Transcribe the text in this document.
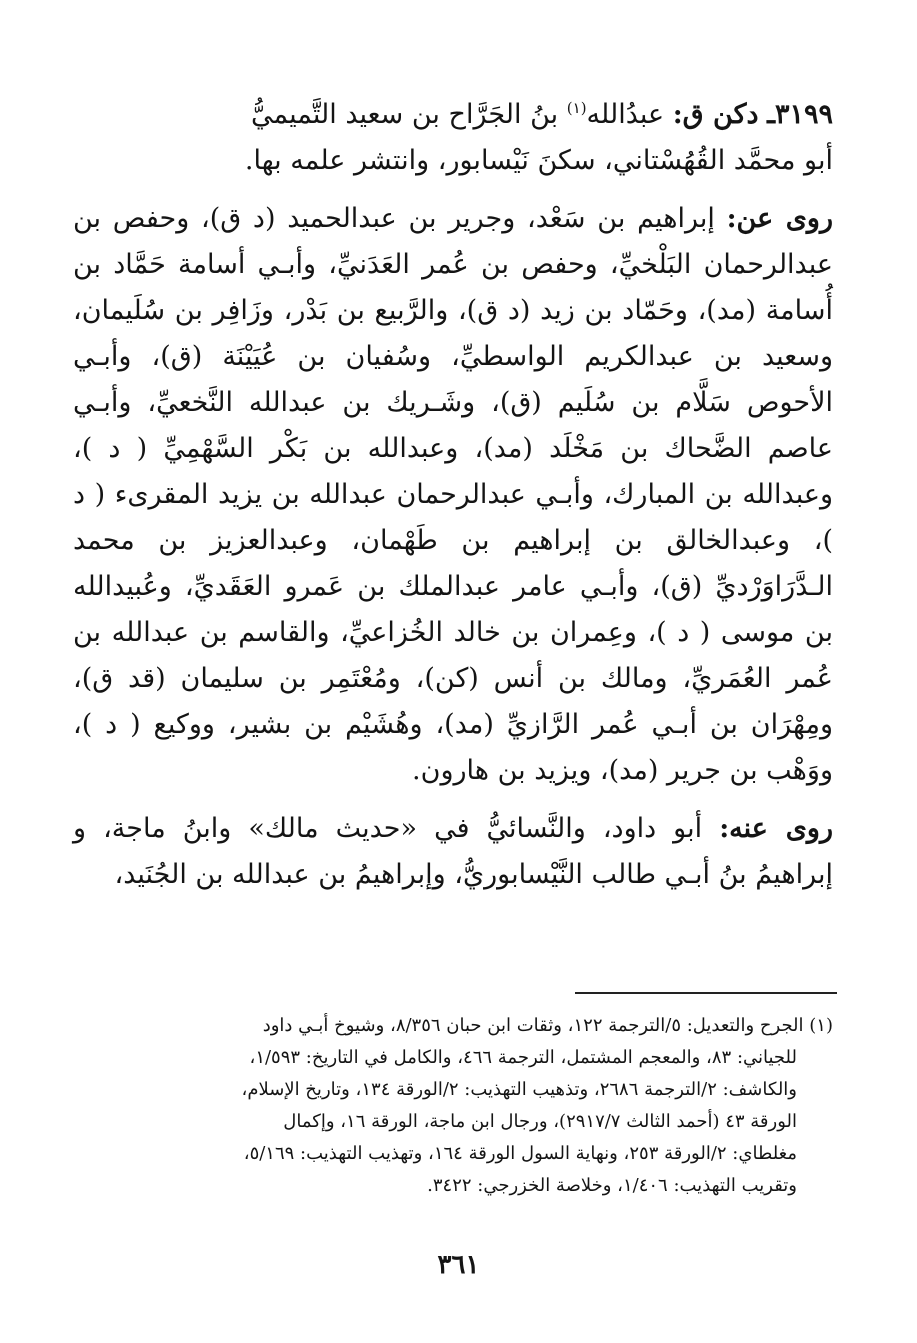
٣١٩٩ـ دكن ق: عبدُالله$^{(١)}$ بنُ الجَرَّاح بن سعيد التَّميميُّ
أبو محمَّد القُهُسْتاني، سكنَ نَيْسابور، وانتشر علمه بها.
روى عن: إبراهيم بن سَعْد، وجرير بن عبدالحميد (د ق)، وحفص بن عبدالرحمان البَلْخيِّ، وحفص بن عُمر العَدَنيِّ، وأبـي أسامة حَمَّاد بن أُسامة (مد)، وحَمّاد بن زيد (د ق)، والرَّبيع بن بَدْر، وزَافِر بن سُلَيمان، وسعيد بن عبدالكريم الواسطيِّ، وسُفيان بن عُيَيْنَة (ق)، وأبـي الأحوص سَلَّام بن سُلَيم (ق)، وشَـريك بن عبدالله النَّخعيِّ، وأبـي عاصم الضَّحاك بن مَخْلَد (مد)، وعبدالله بن بَكْر السَّهْمِيِّ ( د )، وعبدالله بن المبارك، وأبـي عبدالرحمان عبدالله بن يزيد المقرىء ( د )، وعبدالخالق بن إبراهيم بن طَهْمان، وعبدالعزيز بن محمد الـدَّرَاوَرْديِّ (ق)، وأبـي عامر عبدالملك بن عَمرو العَقَديِّ، وعُبيدالله بن موسى ( د )، وعِمران بن خالد الخُزاعيِّ، والقاسم بن عبدالله بن عُمر العُمَريِّ، ومالك بن أنس (كن)، ومُعْتَمِر بن سليمان (قد ق)، ومِهْرَان بن أبـي عُمر الرَّازيِّ (مد)، وهُشَيْم بن بشير، ووكيع ( د )، ووَهْب بن جرير (مد)، ويزيد بن هارون.
روى عنه: أبو داود، والنَّسائيُّ في «حديث مالك» وابنُ ماجة، و إبراهيمُ بنُ أبـي طالب النَّيْسابوريُّ، وإبراهيمُ بن عبدالله بن الجُنَيد،
(١) الجرح والتعديل: ٥/الترجمة ١٢٢، وثقات ابن حبان ٨/٣٥٦، وشيوخ أبـي داود
للجياني: ٨٣، والمعجم المشتمل، الترجمة ٤٦٦، والكامل في التاريخ: ١/٥٩٣،
والكاشف: ٢/الترجمة ٢٦٨٦، وتذهيب التهذيب: ٢/الورقة ١٣٤، وتاريخ الإسلام،
الورقة ٤٣ (أحمد الثالث ٢٩١٧/٧)، ورجال ابن ماجة، الورقة ١٦، وإكمال
مغلطاي: ٢/الورقة ٢٥٣، ونهاية السول الورقة ١٦٤، وتهذيب التهذيب: ٥/١٦٩،
وتقريب التهذيب: ١/٤٠٦، وخلاصة الخزرجي: ٣٤٢٢.
٣٦١
